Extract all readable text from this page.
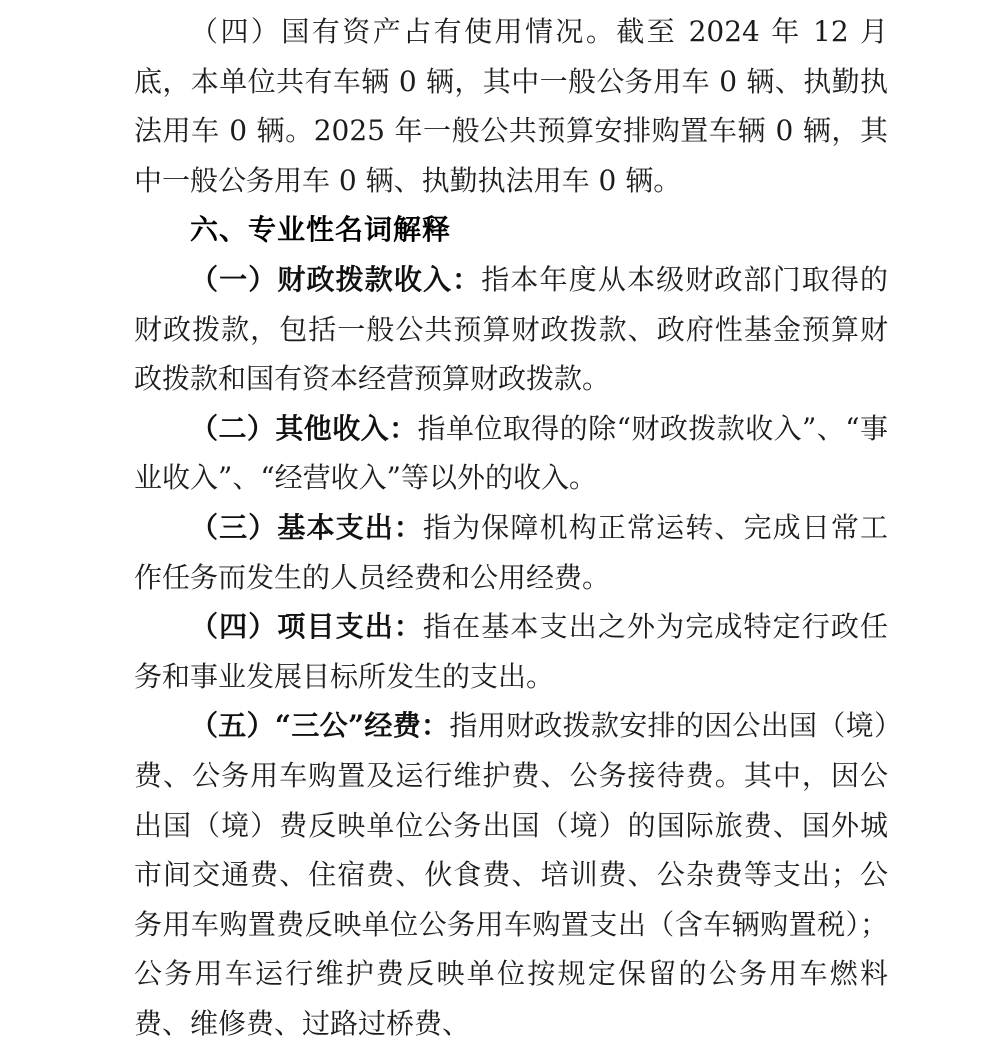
（四）国有资产占有使用情况。截至 2024 年 12 月底，本单位共有车辆 0 辆，其中一般公务用车 0 辆、执勤执法用车 0 辆。2025 年一般公共预算安排购置车辆 0 辆，其中一般公务用车 0 辆、执勤执法用车 0 辆。

六、专业性名词解释

（一）财政拨款收入：指本年度从本级财政部门取得的财政拨款，包括一般公共预算财政拨款、政府性基金预算财政拨款和国有资本经营预算财政拨款。

（二）其他收入：指单位取得的除“财政拨款收入”、“事业收入”、“经营收入”等以外的收入。

（三）基本支出：指为保障机构正常运转、完成日常工作任务而发生的人员经费和公用经费。

（四）项目支出：指在基本支出之外为完成特定行政任务和事业发展目标所发生的支出。

（五）“三公”经费：指用财政拨款安排的因公出国（境）费、公务用车购置及运行维护费、公务接待费。其中，因公出国（境）费反映单位公务出国（境）的国际旅费、国外城市间交通费、住宿费、伙食费、培训费、公杂费等支出；公务用车购置费反映单位公务用车购置支出（含车辆购置税）；公务用车运行维护费反映单位按规定保留的公务用车燃料费、维修费、过路过桥费、
